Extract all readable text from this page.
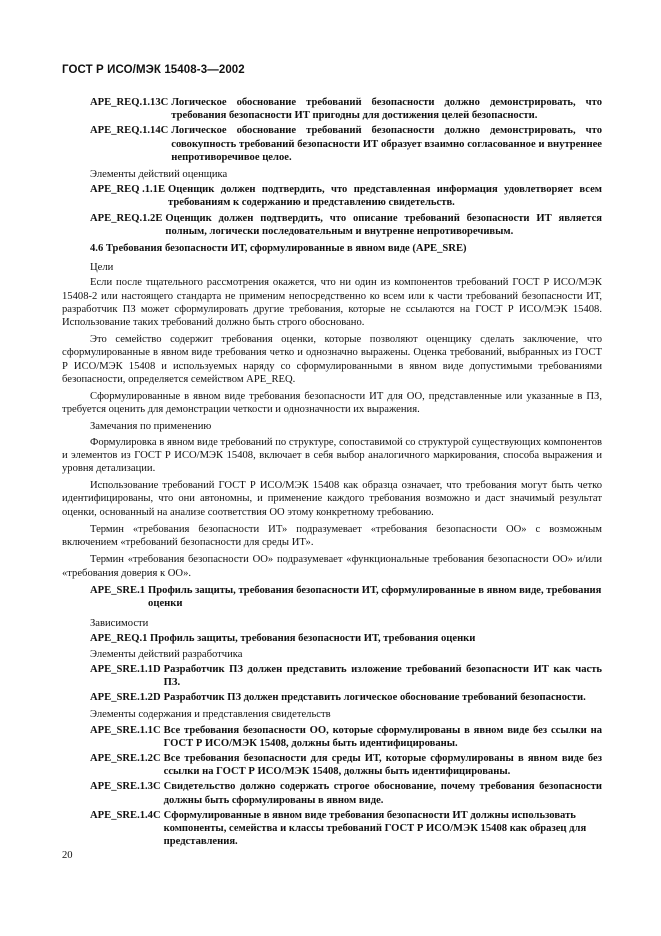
ГОСТ Р ИСО/МЭК 15408-3—2002
APE_REQ.1.13C Логическое обоснование требований безопасности должно демонстрировать, что требования безопасности ИТ пригодны для достижения целей безопасности.
APE_REQ.1.14C Логическое обоснование требований безопасности должно демонстрировать, что совокупность требований безопасности ИТ образует взаимно согласованное и внутреннее непротиворечивое целое.
Элементы действий оценщика
APE_REQ .1.1E Оценщик должен подтвердить, что представленная информация удовлетворяет всем требованиям к содержанию и представлению свидетельств.
APE_REQ.1.2E Оценщик должен подтвердить, что описание требований безопасности ИТ является полным, логически последовательным и внутренне непротиворечивым.
4.6 Требования безопасности ИТ, сформулированные в явном виде (APE_SRE)
Цели

Если после тщательного рассмотрения окажется, что ни один из компонентов требований ГОСТ Р ИСО/МЭК 15408-2 или настоящего стандарта не применим непосредственно ко всем или к части требований безопасности ИТ, разработчик ПЗ может сформулировать другие требования, которые не ссылаются на ГОСТ Р ИСО/МЭК 15408. Использование таких требований должно быть строго обосновано.

Это семейство содержит требования оценки, которые позволяют оценщику сделать заключение, что сформулированные в явном виде требования четко и однозначно выражены. Оценка требований, выбранных из ГОСТ Р ИСО/МЭК 15408 и используемых наряду со сформулированными в явном виде допустимыми требованиями безопасности, определяется семейством APE_REQ.

Сформулированные в явном виде требования безопасности ИТ для ОО, представленные или указанные в ПЗ, требуется оценить для демонстрации четкости и однозначности их выражения.

Замечания по применению

Формулировка в явном виде требований по структуре, сопоставимой со структурой существующих компонентов и элементов из ГОСТ Р ИСО/МЭК 15408, включает в себя выбор аналогичного маркирования, способа выражения и уровня детализации.

Использование требований ГОСТ Р ИСО/МЭК 15408 как образца означает, что требования могут быть четко идентифицированы, что они автономны, и применение каждого требования возможно и даст значимый результат оценки, основанный на анализе соответствия ОО этому конкретному требованию.

Термин «требования безопасности ИТ» подразумевает «требования безопасности ОО» с возможным включением «требований безопасности для среды ИТ».

Термин «требования безопасности ОО» подразумевает «функциональные требования безопасности ОО» и/или «требования доверия к ОО».

APE_SRE.1 Профиль защиты, требования безопасности ИТ, сформулированные в явном виде, требования оценки
Зависимости
APE_REQ.1 Профиль защиты, требования безопасности ИТ, требования оценки
Элементы действий разработчика
APE_SRE.1.1D Разработчик ПЗ должен представить изложение требований безопасности ИТ как часть ПЗ.
APE_SRE.1.2D Разработчик ПЗ должен представить логическое обоснование требований безопасности.
Элементы содержания и представления свидетельств
APE_SRE.1.1C Все требования безопасности ОО, которые сформулированы в явном виде без ссылки на ГОСТ Р ИСО/МЭК 15408, должны быть идентифицированы.
APE_SRE.1.2C Все требования безопасности для среды ИТ, которые сформулированы в явном виде без ссылки на ГОСТ Р ИСО/МЭК 15408, должны быть идентифицированы.
APE_SRE.1.3C Свидетельство должно содержать строгое обоснование, почему требования безопасности должны быть сформулированы в явном виде.
APE_SRE.1.4C Сформулированные в явном виде требования безопасности ИТ должны использовать компоненты, семейства и классы требований ГОСТ Р ИСО/МЭК 15408 как образец для представления.
20
